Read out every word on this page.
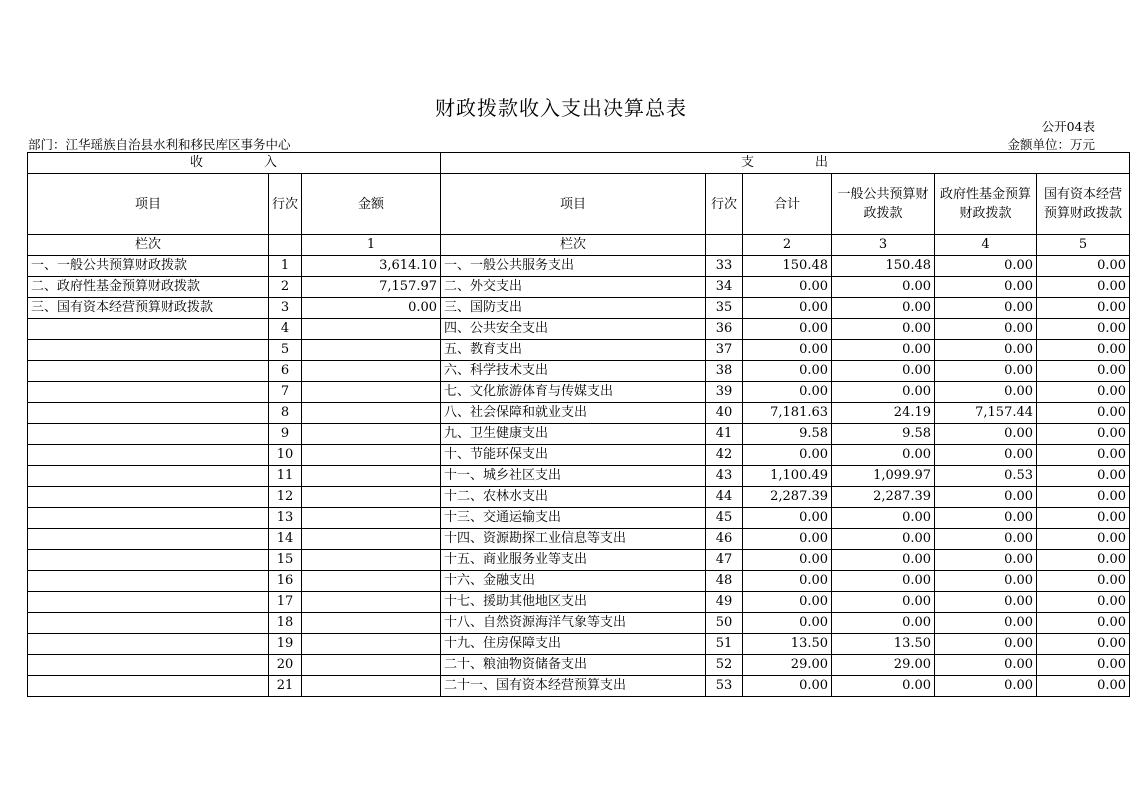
财政拨款收入支出决算总表
公开04表
部门：江华瑶族自治县水利和移民库区事务中心	金额单位：万元
收 入			支 出					
项目	行次	金额	项目	行次	合计	一般公共预算财政拨款	政府性基金预算财政拨款	国有资本经营预算财政拨款
栏次		1	栏次		2	3	4	5
一、一般公共预算财政拨款	1	3,614.10	一、一般公共服务支出	33	150.48	150.48	0.00	0.00
二、政府性基金预算财政拨款	2	7,157.97	二、外交支出	34	0.00	0.00	0.00	0.00
三、国有资本经营预算财政拨款	3	0.00	三、国防支出	35	0.00	0.00	0.00	0.00
	4		四、公共安全支出	36	0.00	0.00	0.00	0.00
	5		五、教育支出	37	0.00	0.00	0.00	0.00
	6		六、科学技术支出	38	0.00	0.00	0.00	0.00
	7		七、文化旅游体育与传媒支出	39	0.00	0.00	0.00	0.00
	8		八、社会保障和就业支出	40	7,181.63	24.19	7,157.44	0.00
	9		九、卫生健康支出	41	9.58	9.58	0.00	0.00
	10		十、节能环保支出	42	0.00	0.00	0.00	0.00
	11		十一、城乡社区支出	43	1,100.49	1,099.97	0.53	0.00
	12		十二、农林水支出	44	2,287.39	2,287.39	0.00	0.00
	13		十三、交通运输支出	45	0.00	0.00	0.00	0.00
	14		十四、资源勘探工业信息等支出	46	0.00	0.00	0.00	0.00
	15		十五、商业服务业等支出	47	0.00	0.00	0.00	0.00
	16		十六、金融支出	48	0.00	0.00	0.00	0.00
	17		十七、援助其他地区支出	49	0.00	0.00	0.00	0.00
	18		十八、自然资源海洋气象等支出	50	0.00	0.00	0.00	0.00
	19		十九、住房保障支出	51	13.50	13.50	0.00	0.00
	20		二十、粮油物资储备支出	52	29.00	29.00	0.00	0.00
	21		二十一、国有资本经营预算支出	53	0.00	0.00	0.00	0.00
